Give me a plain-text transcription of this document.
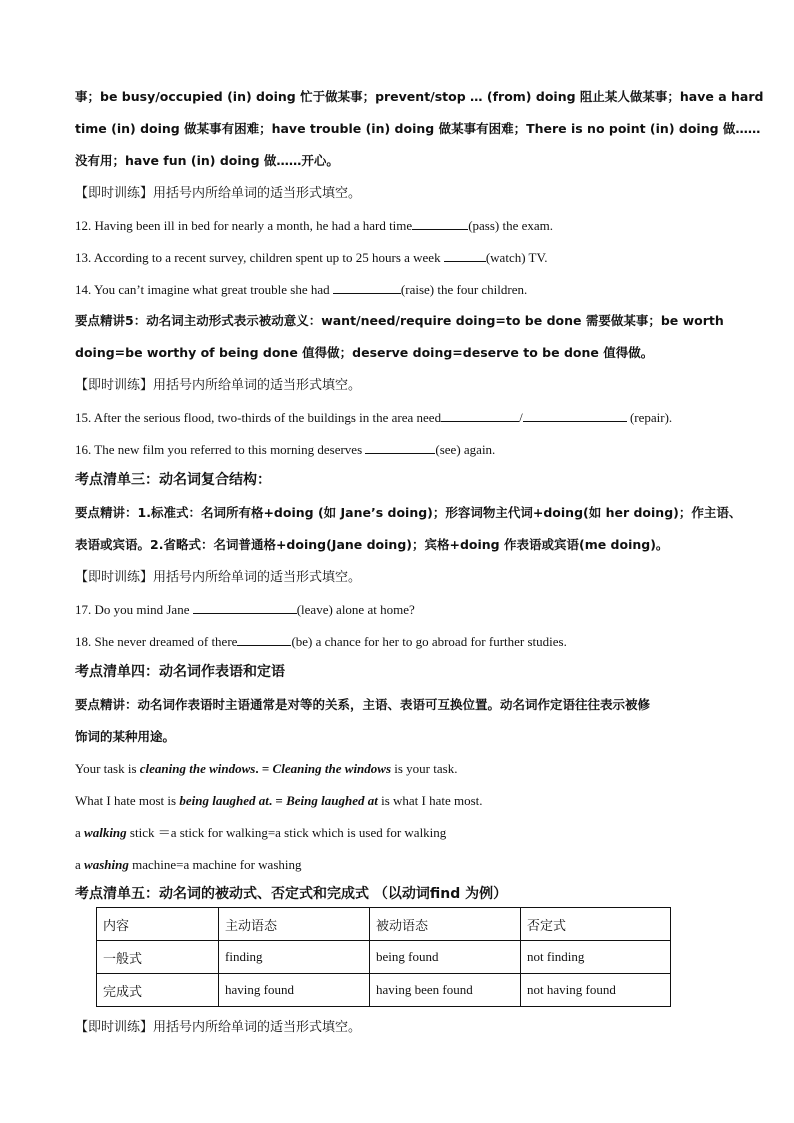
事；be busy/occupied (in) doing 忙于做某事；prevent/stop … (from) doing 阻止某人做某事；have a hard
time (in) doing 做某事有困难；have trouble (in) doing 做某事有困难；There is no point (in) doing 做……
没有用；have fun (in) doing 做……开心。
【即时训练】用括号内所给单词的适当形式填空。
12. Having been ill in bed for nearly a month, he had a hard time	(pass) the exam.
13. According to a recent survey, children spent up to 25 hours a week	(watch) TV.
14. You can’t imagine what great trouble she had	(raise) the four children.
要点精讲5：动名词主动形式表示被动意义：want/need/require doing=to be done 需要做某事；be worth
doing=be worthy of being done 值得做；deserve doing=deserve to be done 值得做。
【即时训练】用括号内所给单词的适当形式填空。
15. After the serious flood, two-thirds of the buildings in the area need	/	(repair).
16. The new film you referred to this morning deserves	(see) again.
考点清单三：动名词复合结构：
要点精讲：1.标准式：名词所有格+doing (如 Jane’s doing)；形容词物主代词+doing(如 her doing)；作主语、
表语或宾语。2.省略式：名词普通格+doing(Jane doing)；宾格+doing 作表语或宾语(me doing)。
【即时训练】用括号内所给单词的适当形式填空。
17. Do you mind Jane	(leave) alone at home?
18. She never dreamed of there	(be) a chance for her to go abroad for further studies.
考点清单四：动名词作表语和定语
要点精讲：动名词作表语时主语通常是对等的关系，主语、表语可互换位置。动名词作定语往往表示被修
饰词的某种用途。
Your task is cleaning the windows. = Cleaning the windows is your task.
What I hate most is being laughed at. = Being laughed at is what I hate most.
a walking stick ＝a stick for walking=a stick which is used for walking
a washing machine=a machine for washing
考点清单五：动名词的被动式、否定式和完成式 （以动词find 为例）
内容	主动语态	被动语态	否定式
一般式	finding	being found	not finding
完成式	having found	having been found	not having found
【即时训练】用括号内所给单词的适当形式填空。
